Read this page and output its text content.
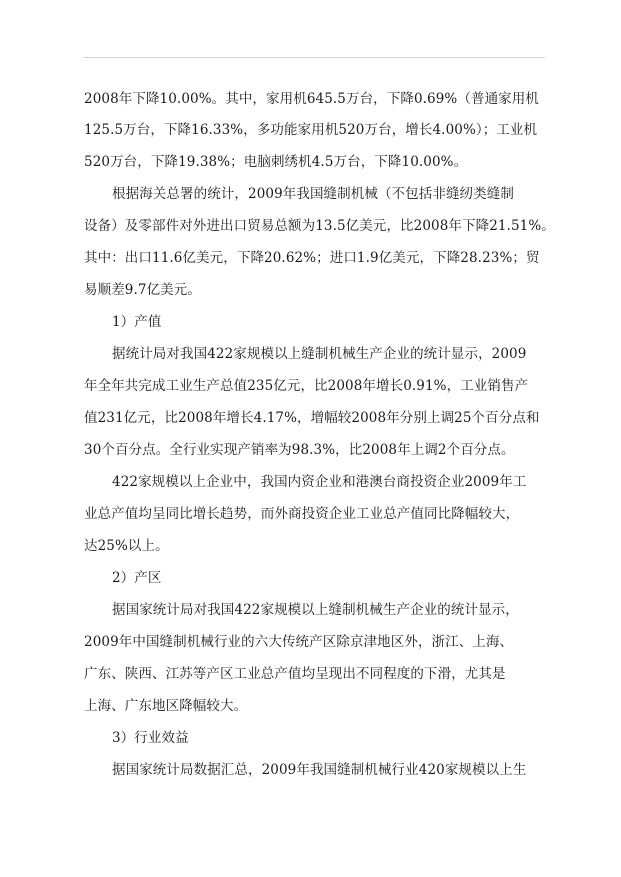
2008年下降10.00%。其中，家用机645.5万台，下降0.69%（普通家用机
125.5万台，下降16.33%，多功能家用机520万台，增长4.00%）；工业机
520万台，下降19.38%；电脑刺绣机4.5万台，下降10.00%。
根据海关总署的统计，2009年我国缝制机械（不包括非缝纫类缝制
设备）及零部件对外进出口贸易总额为13.5亿美元，比2008年下降21.51%。
其中：出口11.6亿美元，下降20.62%；进口1.9亿美元，下降28.23%；贸
易顺差9.7亿美元。
1）产值
据统计局对我国422家规模以上缝制机械生产企业的统计显示，2009
年全年共完成工业生产总值235亿元，比2008年增长0.91%，工业销售产
值231亿元，比2008年增长4.17%，增幅较2008年分别上调25个百分点和
30个百分点。全行业实现产销率为98.3%，比2008年上调2个百分点。
422家规模以上企业中，我国内资企业和港澳台商投资企业2009年工
业总产值均呈同比增长趋势，而外商投资企业工业总产值同比降幅较大，
达25%以上。
2）产区
据国家统计局对我国422家规模以上缝制机械生产企业的统计显示，
2009年中国缝制机械行业的六大传统产区除京津地区外，浙江、上海、
广东、陕西、江苏等产区工业总产值均呈现出不同程度的下滑，尤其是
上海、广东地区降幅较大。
3）行业效益
据国家统计局数据汇总，2009年我国缝制机械行业420家规模以上生
